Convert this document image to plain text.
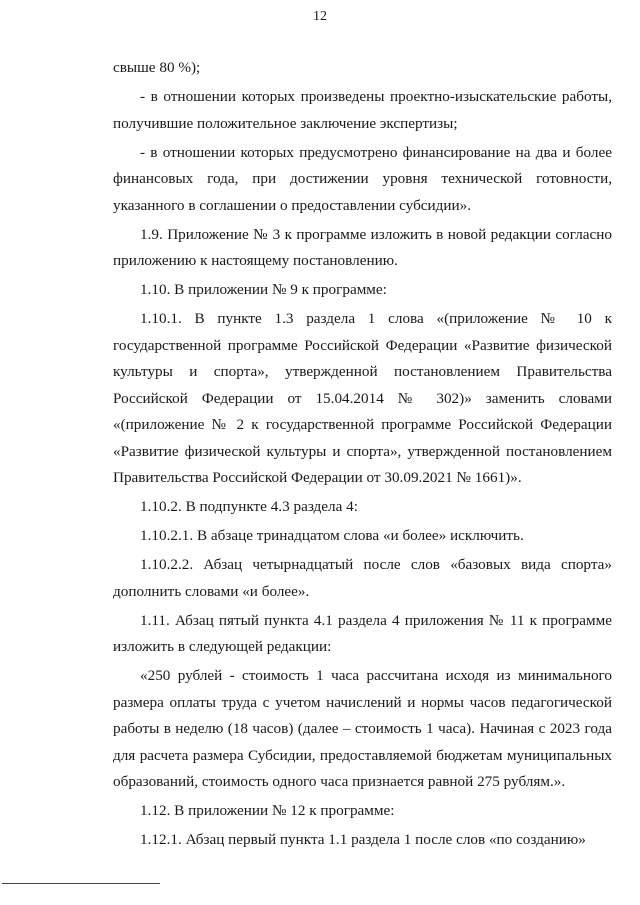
12

свыше 80 %);

- в отношении которых произведены проектно-изыскательские работы, получившие положительное заключение экспертизы;

- в отношении которых предусмотрено финансирование на два и более финансовых года, при достижении уровня технической готовности, указанного в соглашении о предоставлении субсидии».

1.9. Приложение № 3 к программе изложить в новой редакции согласно приложению к настоящему постановлению.

1.10. В приложении № 9 к программе:

1.10.1. В пункте 1.3 раздела 1 слова «(приложение № 10 к государственной программе Российской Федерации «Развитие физической культуры и спорта», утвержденной постановлением Правительства Российской Федерации от 15.04.2014 № 302)» заменить словами «(приложение № 2 к государственной программе Российской Федерации «Развитие физической культуры и спорта», утвержденной постановлением Правительства Российской Федерации от 30.09.2021 № 1661)».

1.10.2. В подпункте 4.3 раздела 4:

1.10.2.1. В абзаце тринадцатом слова «и более» исключить.

1.10.2.2. Абзац четырнадцатый после слов «базовых вида спорта» дополнить словами «и более».

1.11. Абзац пятый пункта 4.1 раздела 4 приложения № 11 к программе изложить в следующей редакции:

«250 рублей - стоимость 1 часа рассчитана исходя из минимального размера оплаты труда с учетом начислений и нормы часов педагогической работы в неделю (18 часов) (далее – стоимость 1 часа). Начиная с 2023 года для расчета размера Субсидии, предоставляемой бюджетам муниципальных образований, стоимость одного часа признается равной 275 рублям.».

1.12. В приложении № 12 к программе:

1.12.1. Абзац первый пункта 1.1 раздела 1 после слов «по созданию»
